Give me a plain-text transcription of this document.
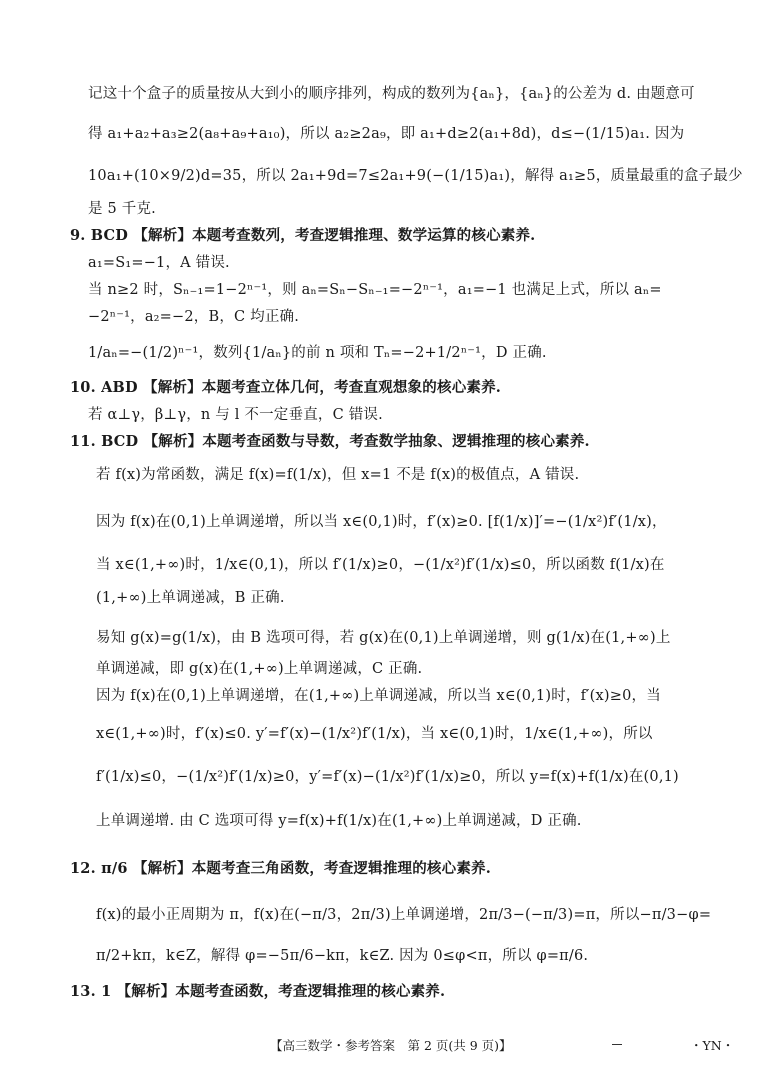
记这十个盒子的质量按从大到小的顺序排列，构成的数列为{aₙ}，{aₙ}的公差为 d. 由题意可
得 a₁+a₂+a₃≥2(a₈+a₉+a₁₀)，所以 a₂≥2a₉，即 a₁+d≥2(a₁+8d)，d≤−(1/15)a₁. 因为
10a₁+(10×9/2)d=35，所以 2a₁+9d=7≤2a₁+9(−(1/15)a₁)，解得 a₁≥5，质量最重的盒子最少
是 5 千克.
9. BCD 【解析】本题考查数列，考查逻辑推理、数学运算的核心素养.
a₁=S₁=−1，A 错误.
当 n≥2 时，Sₙ₋₁=1−2ⁿ⁻¹，则 aₙ=Sₙ−Sₙ₋₁=−2ⁿ⁻¹，a₁=−1 也满足上式，所以 aₙ=
−2ⁿ⁻¹，a₂=−2，B，C 均正确.
1/aₙ=−(1/2)ⁿ⁻¹，数列{1/aₙ}的前 n 项和 Tₙ=−2+1/2ⁿ⁻¹，D 正确.
10. ABD 【解析】本题考查立体几何，考查直观想象的核心素养.
若 α⊥γ，β⊥γ，n 与 l 不一定垂直，C 错误.
11. BCD 【解析】本题考查函数与导数，考查数学抽象、逻辑推理的核心素养.
若 f(x)为常函数，满足 f(x)=f(1/x)，但 x=1 不是 f(x)的极值点，A 错误.
因为 f(x)在(0,1)上单调递增，所以当 x∈(0,1)时，f′(x)≥0. [f(1/x)]′=−(1/x²)f′(1/x)，
当 x∈(1,+∞)时，1/x∈(0,1)，所以 f′(1/x)≥0，−(1/x²)f′(1/x)≤0，所以函数 f(1/x)在
(1,+∞)上单调递减，B 正确.
易知 g(x)=g(1/x)，由 B 选项可得，若 g(x)在(0,1)上单调递增，则 g(1/x)在(1,+∞)上
单调递减，即 g(x)在(1,+∞)上单调递减，C 正确.
因为 f(x)在(0,1)上单调递增，在(1,+∞)上单调递减，所以当 x∈(0,1)时，f′(x)≥0，当
x∈(1,+∞)时，f′(x)≤0. y′=f′(x)−(1/x²)f′(1/x)，当 x∈(0,1)时，1/x∈(1,+∞)，所以
f′(1/x)≤0，−(1/x²)f′(1/x)≥0，y′=f′(x)−(1/x²)f′(1/x)≥0，所以 y=f(x)+f(1/x)在(0,1)
上单调递增. 由 C 选项可得 y=f(x)+f(1/x)在(1,+∞)上单调递减，D 正确.
12. π/6 【解析】本题考查三角函数，考查逻辑推理的核心素养.
f(x)的最小正周期为 π，f(x)在(−π/3，2π/3)上单调递增，2π/3−(−π/3)=π，所以−π/3−φ=
π/2+kπ，k∈Z，解得 φ=−5π/6−kπ，k∈Z. 因为 0≤φ<π，所以 φ=π/6.
13. 1 【解析】本题考查函数，考查逻辑推理的核心素养.
【高三数学・参考答案　第 2 页(共 9 页)】	・YN・
